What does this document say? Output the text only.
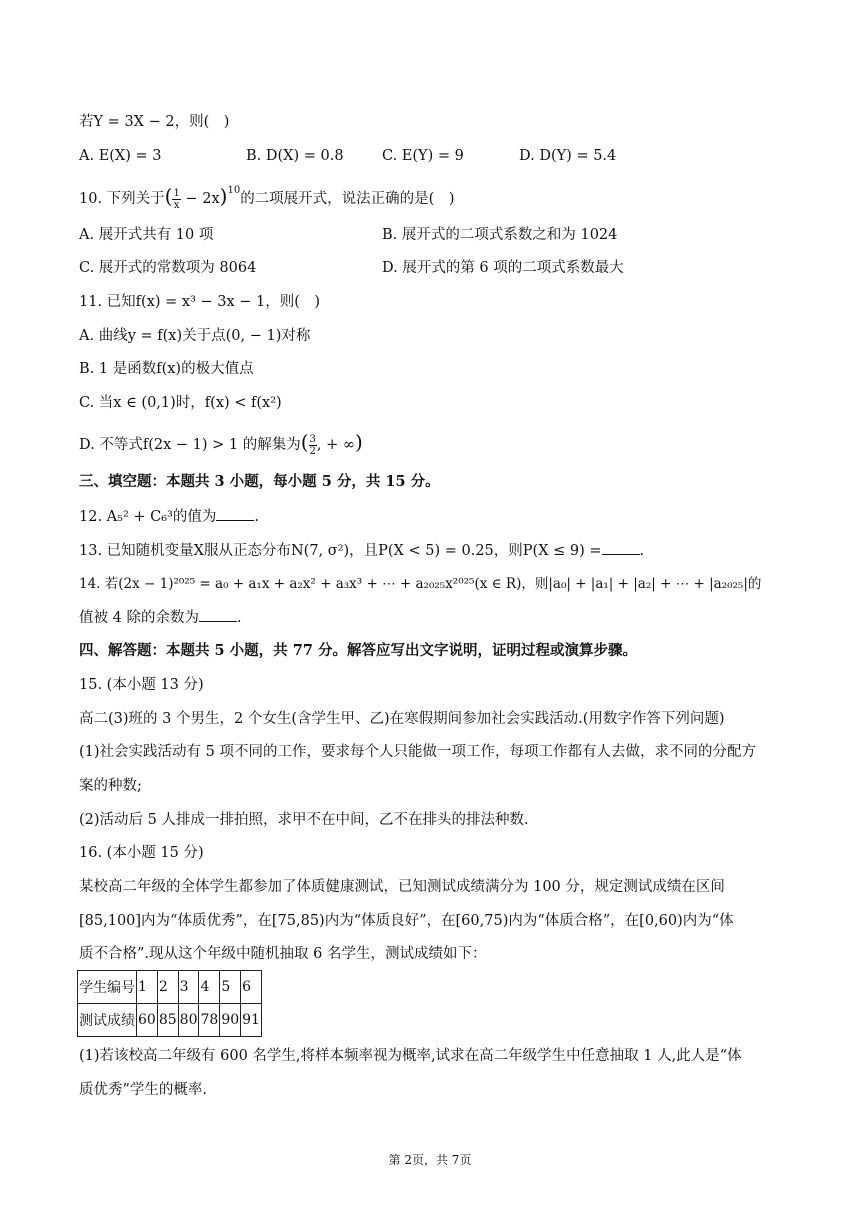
若Y = 3X − 2，则(　)
A. E(X) = 3	B. D(X) = 0.8	C. E(Y) = 9	D. D(Y) = 5.4
10. 下列关于( $\frac{1}{x} - 2x)^{10}$的二项展开式，说法正确的是(　)
A. 展开式共有 10 项	B. 展开式的二项式系数之和为 1024
C. 展开式的常数项为 8064	D. 展开式的第 6 项的二项式系数最大
11. 已知f(x) = x³ − 3x − 1，则(　)
A. 曲线y = f(x)关于点(0, − 1)对称
B. 1 是函数f(x)的极大值点
C. 当x ∈ (0,1)时，f(x) < f(x²)
D. 不等式f(2x − 1) > 1 的解集为( $\frac{3}{2}$ , + ∞)
三、填空题：本题共 3 小题，每小题 5 分，共 15 分。
12. A₅² + C₆³的值为	.
13. 已知随机变量X服从正态分布N(7, σ²)，且P(X < 5) = 0.25，则P(X ≤ 9) =	.
14. 若(2x − 1)²⁰²⁵ = a₀ + a₁x + a₂x² + a₃x³ + ⋯ + a₂₀₂₅x²⁰²⁵(x ∈ R)，则|a₀| + |a₁| + |a₂| + ⋯ + |a₂₀₂₅|的
值被 4 除的余数为	.
四、解答题：本题共 5 小题，共 77 分。解答应写出文字说明，证明过程或演算步骤。
15. (本小题 13 分)
高二(3)班的 3 个男生，2 个女生(含学生甲、乙)在寒假期间参加社会实践活动.(用数字作答下列问题)
(1)社会实践活动有 5 项不同的工作，要求每个人只能做一项工作，每项工作都有人去做，求不同的分配方
案的种数;
(2)活动后 5 人排成一排拍照，求甲不在中间，乙不在排头的排法种数.
16. (本小题 15 分)
某校高二年级的全体学生都参加了体质健康测试，已知测试成绩满分为 100 分，规定测试成绩在区间
[85,100]内为“体质优秀”，在[75,85)内为“体质良好”，在[60,75)内为“体质合格”，在[0,60)内为“体
质不合格”.现从这个年级中随机抽取 6 名学生，测试成绩如下：
学生编号	1	2	3	4	5	6
测试成绩	60	85	80	78	90	91
(1)若该校高二年级有 600 名学生,将样本频率视为概率,试求在高二年级学生中任意抽取 1 人,此人是“体
质优秀”学生的概率.
第 2页，共 7页
